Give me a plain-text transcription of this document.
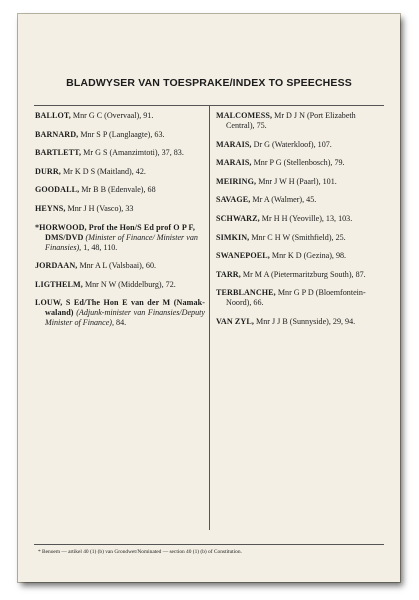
BLADWYSER VAN TOESPRAKE/INDEX TO SPEECHESS
BALLOT, Mnr G C (Overvaal), 91.
BARNARD, Mnr S P (Langlaagte), 63.
BARTLETT, Mr G S (Amanzimtoti), 37, 83.
DURR, Mr K D S (Maitland), 42.
GOODALL, Mr B B (Edenvale), 68
HEYNS, Mnr J H (Vasco), 33
*HORWOOD, Prof the Hon/S Ed prof O P F, DMS/DVD (Minister of Finance/ Minister van Finansies), 1, 48, 110.
JORDAAN, Mnr A L (Valsbaai), 60.
LIGTHELM, Mnr N W (Middelburg), 72.
LOUW, S Ed/The Hon E van der M (Namak-waland) (Adjunk-minister van Finansies/Deputy Minister of Finance), 84.
MALCOMESS, Mr D J N (Port Elizabeth Central), 75.
MARAIS, Dr G (Waterkloof), 107.
MARAIS, Mnr P G (Stellenbosch), 79.
MEIRING, Mnr J W H (Paarl), 101.
SAVAGE, Mr A (Walmer), 45.
SCHWARZ, Mr H H (Yeoville), 13, 103.
SIMKIN, Mnr C H W (Smithfield), 25.
SWANEPOEL, Mnr K D (Gezina), 98.
TARR, Mr M A (Pietermaritzburg South), 87.
TERBLANCHE, Mnr G P D (Bloemfontein-Noord), 66.
VAN ZYL, Mnr J J B (Sunnyside), 29, 94.
* Benoem — artikel 40 (1) (b) van Grondwet/Nominated — section 40 (1) (b) of Constitution.
